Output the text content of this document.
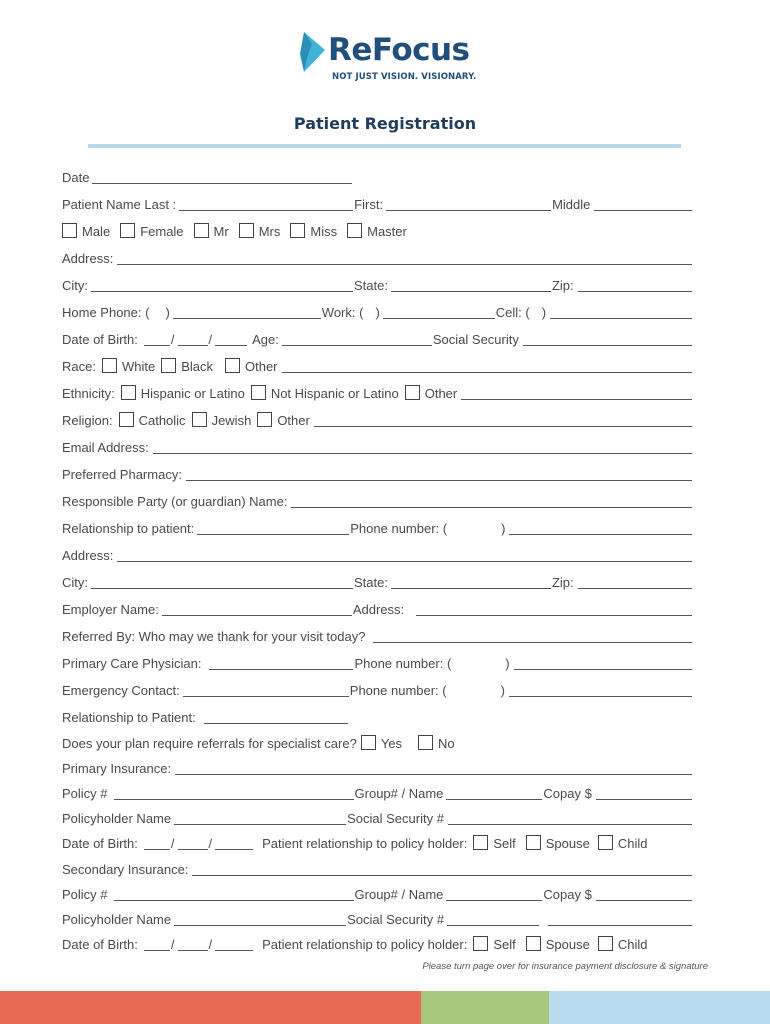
ReFocus
NOT JUST VISION. VISIONARY.
Patient Registration
Date
Patient Name Last :	First:	Middle
Male Female Mr Mrs Miss Master
Address:
City:	State:	Zip:
Home Phone: ( )	Work: ( )	Cell: ( )
Date of Birth:	/	/	Age:	Social Security
Race: White Black Other
Ethnicity: Hispanic or Latino Not Hispanic or Latino Other
Religion: Catholic Jewish Other
Email Address:
Preferred Pharmacy:
Responsible Party (or guardian) Name:
Relationship to patient:	Phone number: (	)
Address:
City:	State:	Zip:
Employer Name:	Address:
Referred By: Who may we thank for your visit today?
Primary Care Physician:	Phone number: (	)
Emergency Contact:	Phone number: (	)
Relationship to Patient:
Does your plan require referrals for specialist care? Yes	No
Primary Insurance:
Policy #	Group# / Name	Copay $
Policyholder Name	Social Security #
Date of Birth:	/	/	Patient relationship to policy holder: Self Spouse Child
Secondary Insurance:
Policy #	Group# / Name	Copay $
Policyholder Name	Social Security #
Date of Birth:	/	/	Patient relationship to policy holder: Self Spouse Child
Please turn page over for insurance payment disclosure & signature
